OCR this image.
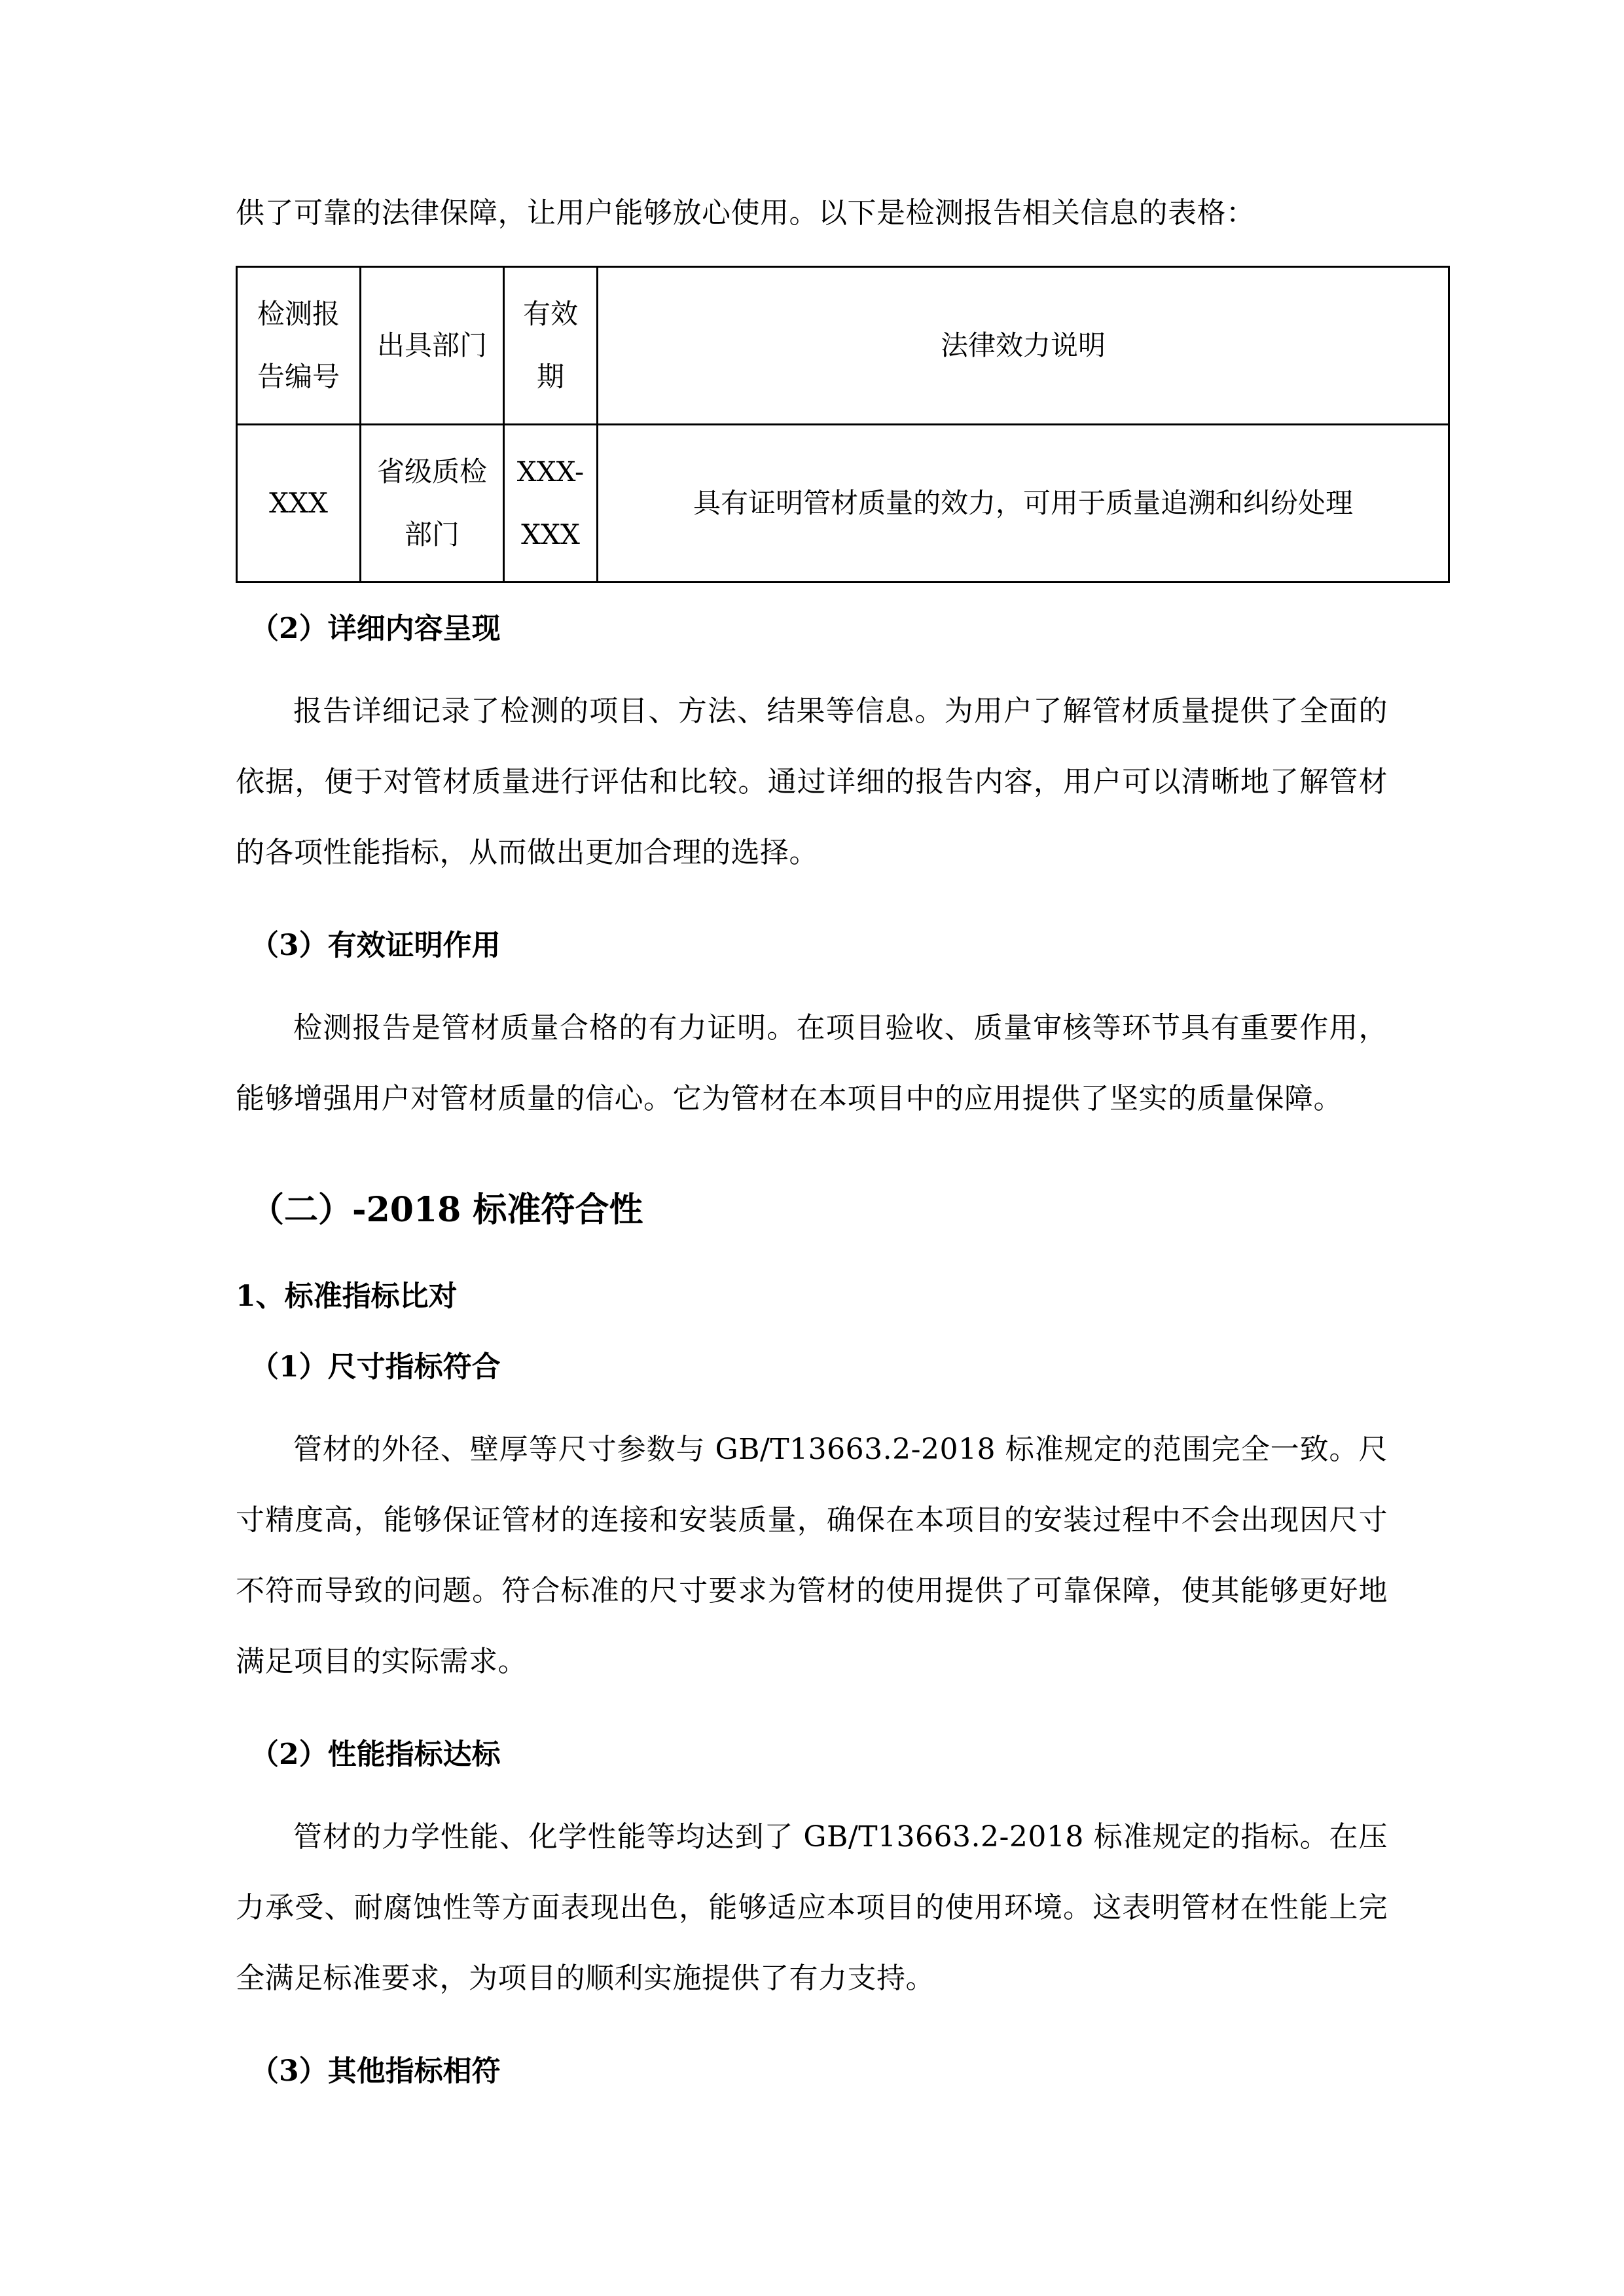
供了可靠的法律保障，让用户能够放心使用。以下是检测报告相关信息的表格：

检测报告编号	出具部门	有效期	法律效力说明
XXX	省级质检部门	XXX-XXX	具有证明管材质量的效力，可用于质量追溯和纠纷处理
（2）详细内容呈现

报告详细记录了检测的项目、方法、结果等信息。为用户了解管材质量提供了全面的依据，便于对管材质量进行评估和比较。通过详细的报告内容，用户可以清晰地了解管材的各项性能指标，从而做出更加合理的选择。

（3）有效证明作用

检测报告是管材质量合格的有力证明。在项目验收、质量审核等环节具有重要作用，能够增强用户对管材质量的信心。它为管材在本项目中的应用提供了坚实的质量保障。

（二）-2018 标准符合性
1、标准指标比对
（1）尺寸指标符合

管材的外径、壁厚等尺寸参数与 GB/T13663.2-2018 标准规定的范围完全一致。尺寸精度高，能够保证管材的连接和安装质量，确保在本项目的安装过程中不会出现因尺寸不符而导致的问题。符合标准的尺寸要求为管材的使用提供了可靠保障，使其能够更好地满足项目的实际需求。

（2）性能指标达标

管材的力学性能、化学性能等均达到了 GB/T13663.2-2018 标准规定的指标。在压力承受、耐腐蚀性等方面表现出色，能够适应本项目的使用环境。这表明管材在性能上完全满足标准要求，为项目的顺利实施提供了有力支持。

（3）其他指标相符
